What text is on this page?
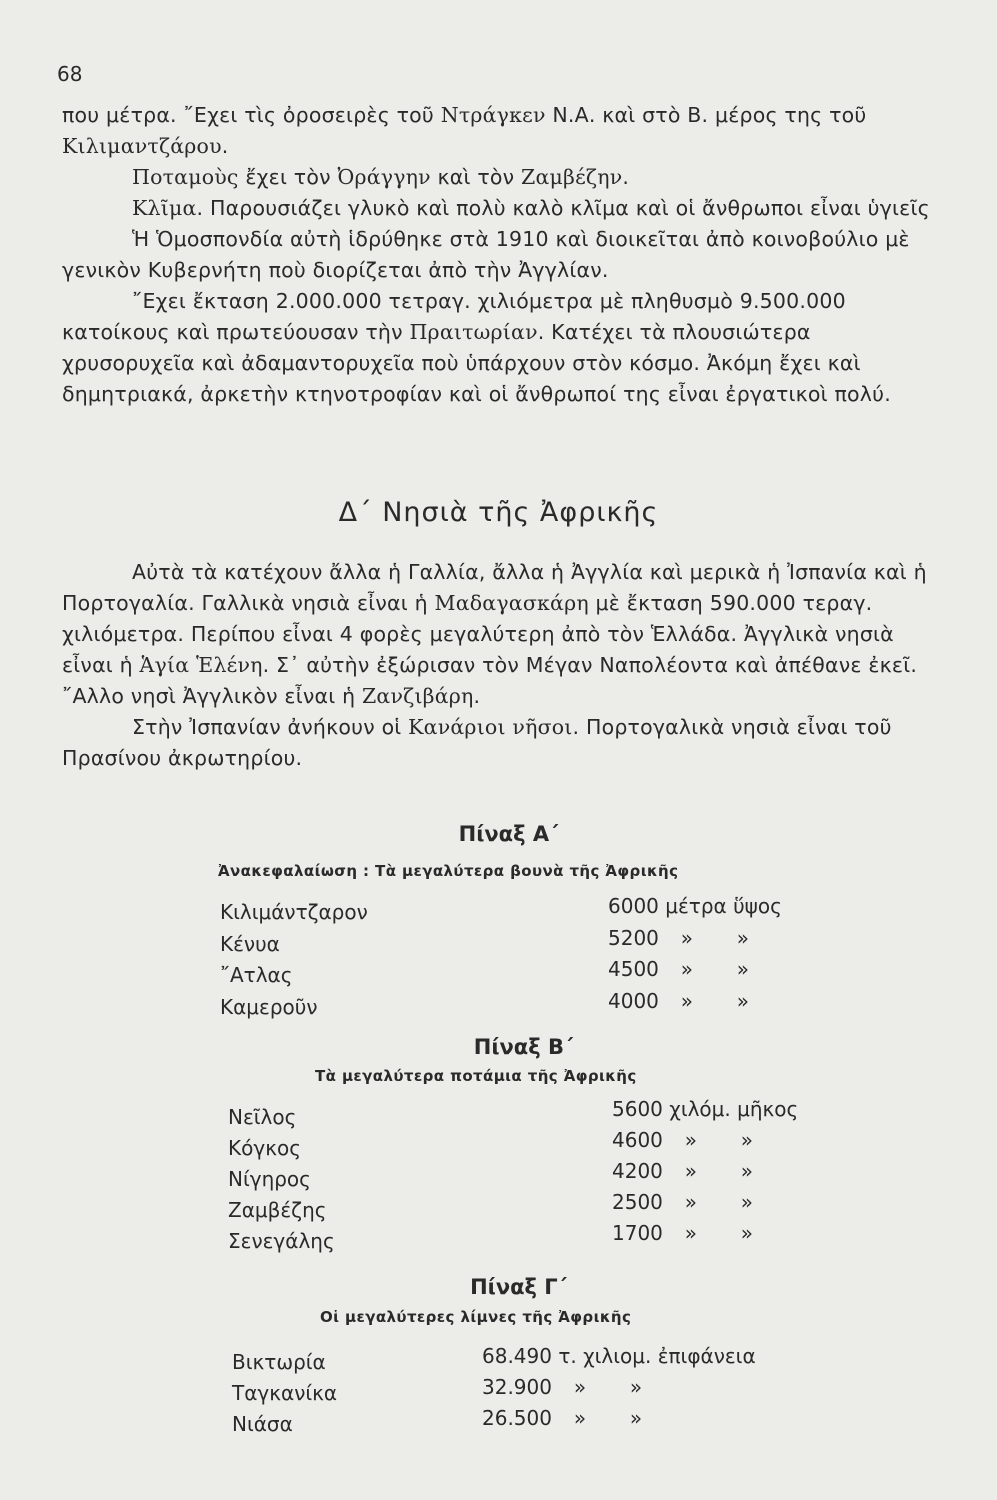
68

που μέτρα. ῎Εχει τὶς ὀροσειρὲς τοῦ Ντράγκεν Ν.Α. καὶ στὸ Β. μέρος της τοῦ Κιλιμαντζάρου.

Ποταμοὺς ἔχει τὸν Ὀράγγην καὶ τὸν Ζαμβέζην.

Κλῖμα. Παρουσιάζει γλυκὸ καὶ πολὺ καλὸ κλῖμα καὶ οἱ ἄνθρωποι εἶναι ὑγιεῖς

Ἡ Ὁμοσπονδία αὐτὴ ἱδρύθηκε στὰ 1910 καὶ διοικεῖται ἀπὸ κοινοβούλιο μὲ γενικὸν Κυβερνήτη ποὺ διορίζεται ἀπὸ τὴν Ἀγγλίαν.

῎Εχει ἔκταση 2.000.000 τετραγ. χιλιόμετρα μὲ πληθυσμὸ 9.500.000 κατοίκους καὶ πρωτεύουσαν τὴν Πραιτωρίαν. Κατέχει τὰ πλουσιώτερα χρυσορυχεῖα καὶ ἀδαμαντορυχεῖα ποὺ ὑπάρχουν στὸν κόσμο. Ἀκόμη ἔχει καὶ δημητριακά, ἀρκετὴν κτηνοτροφίαν καὶ οἱ ἄνθρωποί της εἶναι ἐργατικοὶ πολύ.

Δ΄ Νησιὰ τῆς Ἀφρικῆς

Αὐτὰ τὰ κατέχουν ἄλλα ἡ Γαλλία, ἄλλα ἡ Ἀγγλία καὶ μερικὰ ἡ Ἰσπανία καὶ ἡ Πορτογαλία. Γαλλικὰ νησιὰ εἶναι ἡ Μαδαγασκάρη μὲ ἔκταση 590.000 τεραγ. χιλιόμετρα. Περίπου εἶναι 4 φορὲς μεγαλύτερη ἀπὸ τὸν Ἑλλάδα. Ἀγγλικὰ νησιὰ εἶναι ἡ Ἁγία Ἑλένη. Σ᾽ αὐτὴν ἐξώρισαν τὸν Μέγαν Ναπολέοντα καὶ ἀπέθανε ἐκεῖ. ῎Αλλο νησὶ Ἀγγλικὸν εἶναι ἡ Ζανζιβάρη.

Στὴν Ἰσπανίαν ἀνήκουν οἱ Κανάριοι νῆσοι. Πορτογαλικὰ νησιὰ εἶναι τοῦ Πρασίνου ἀκρωτηρίου.

Πίναξ Α΄
Ἀνακεφαλαίωση : Τὰ μεγαλύτερα βουνὰ τῆς Ἀφρικῆς
Κιλιμάντζαρον	6000 μέτρα ὕψος
Κένυα	5200 » »
῎Ατλας	4500 » »
Καμεροῦν	4000 » »
Πίναξ Β΄
Τὰ μεγαλύτερα ποτάμια τῆς Ἀφρικῆς
Νεῖλος	5600 χιλόμ. μῆκος
Κόγκος	4600 » »
Νίγηρος	4200 » »
Ζαμβέζης	2500 » »
Σενεγάλης	1700 » »
Πίναξ Γ΄
Οἱ μεγαλύτερες λίμνες τῆς Ἀφρικῆς
Βικτωρία	68.490 τ. χιλιομ. ἐπιφάνεια
Ταγκανίκα	32.900 » »
Νιάσα	26.500 » »
